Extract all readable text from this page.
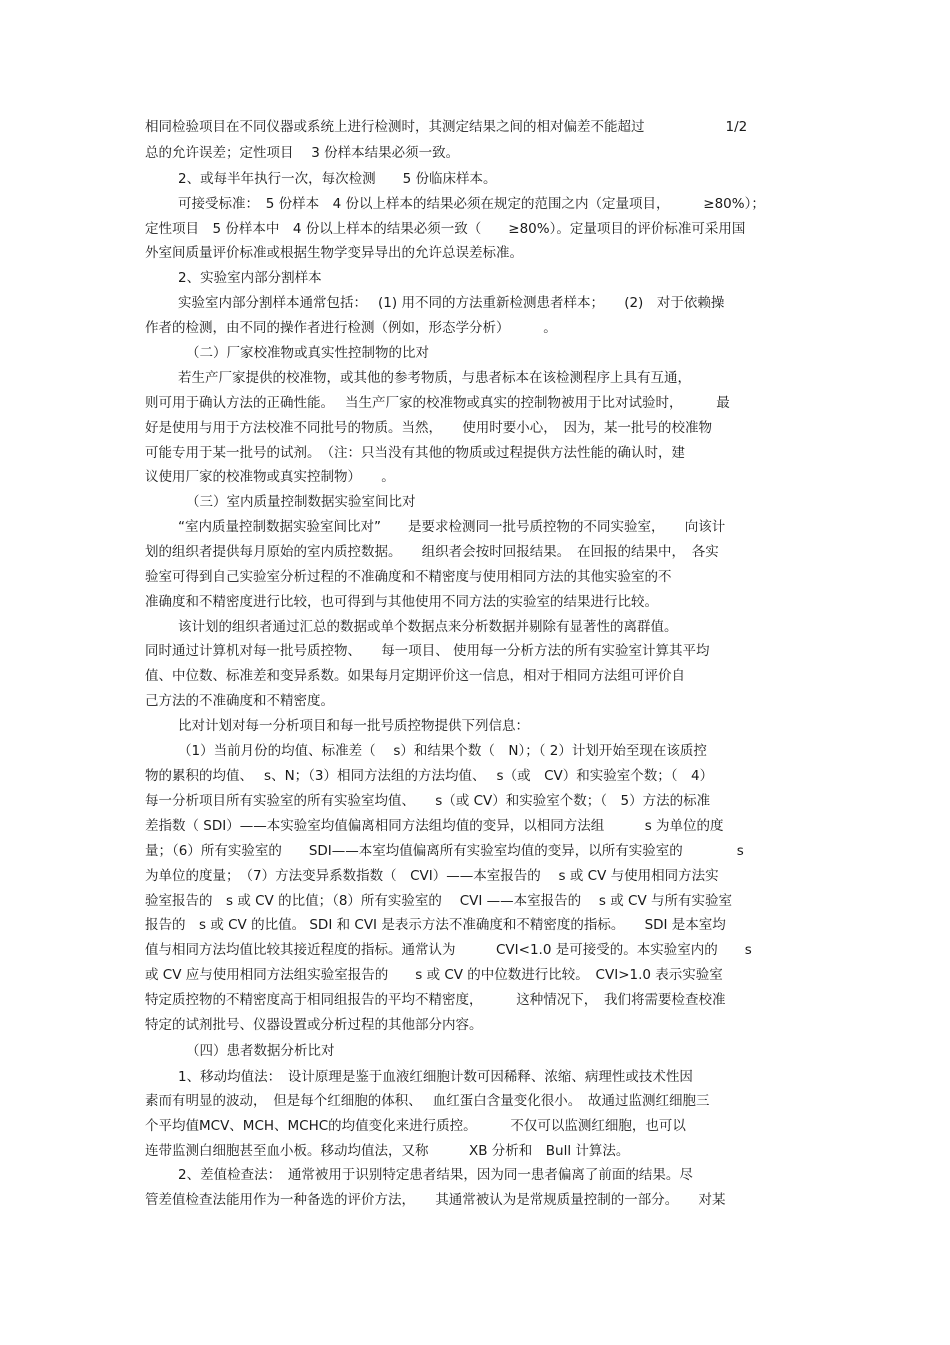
相同检验项目在不同仪器或系统上进行检测时，其测定结果之间的相对偏差不能超过　　　　　　1/2
总的允许误差；定性项目　 3 份样本结果必须一致。
2、或每半年执行一次，每次检测　　5 份临床样本。
可接受标准：　5 份样本　4 份以上样本的结果必须在规定的范围之内（定量项目，　　　≥80%）；
定性项目　5 份样本中　4 份以上样本的结果必须一致（　　≥80%）。定量项目的评价标准可采用国
外室间质量评价标准或根据生物学变异导出的允许总误差标准。
2、实验室内部分割样本
实验室内部分割样本通常包括：　 (1) 用不同的方法重新检测患者样本；　　(2)　对于依赖操
作者的检测，由不同的操作者进行检测（例如，形态学分析）　　　。
（二）厂家校准物或真实性控制物的比对
若生产厂家提供的校准物，或其他的参考物质，与患者标本在该检测程序上具有互通，
则可用于确认方法的正确性能。　 当生产厂家的校准物或真实的控制物被用于比对试验时，　　　最
好是使用与用于方法校准不同批号的物质。当然，　　使用时要小心，　因为，某一批号的校准物
可能专用于某一批号的试剂。　（注：只当没有其他的物质或过程提供方法性能的确认时，建
议使用厂家的校准物或真实控制物）　　。
（三）室内质量控制数据实验室间比对
“室内质量控制数据实验室间比对”　　是要求检测同一批号质控物的不同实验室，　　向该计
划的组织者提供每月原始的室内质控数据。　　组织者会按时回报结果。　在回报的结果中，　各实
验室可得到自己实验室分析过程的不准确度和不精密度与使用相同方法的其他实验室的不
准确度和不精密度进行比较，也可得到与其他使用不同方法的实验室的结果进行比较。
该计划的组织者通过汇总的数据或单个数据点来分析数据并剔除有显著性的离群值。
同时通过计算机对每一批号质控物、　　每一项目、 使用每一分析方法的所有实验室计算其平均
值、中位数、标准差和变异系数。如果每月定期评价这一信息，相对于相同方法组可评价自
己方法的不准确度和不精密度。
比对计划对每一分析项目和每一批号质控物提供下列信息：
（1）当前月份的均值、标准差（　 s）和结果个数（　N）；（ 2）计划开始至现在该质控
物的累积的均值、　 s、N；（3）相同方法组的方法均值、　 s（或　CV）和实验室个数；（　4）
每一分析项目所有实验室的所有实验室均值、　　s（或 CV）和实验室个数；（　5）方法的标准
差指数（ SDI）——本实验室均值偏离相同方法组均值的变异，以相同方法组　　　s 为单位的度
量；（6）所有实验室的　　SDI——本室均值偏离所有实验室均值的变异，以所有实验室的　　　　s
为单位的度量；　（7）方法变异系数指数（　CVI）——本室报告的　 s 或 CV 与使用相同方法实
验室报告的　s 或 CV 的比值；（8）所有实验室的　 CVI ——本室报告的　 s 或 CV 与所有实验室
报告的　s 或 CV 的比值。 SDI 和 CVI 是表示方法不准确度和不精密度的指标。　　SDI 是本室均
值与相同方法均值比较其接近程度的指标。通常认为　　　CVI<1.0 是可接受的。本实验室内的　　s
或 CV 应与使用相同方法组实验室报告的　　s 或 CV 的中位数进行比较。　CVI>1.0 表示实验室
特定质控物的不精密度高于相同组报告的平均不精密度，　　　这种情况下，　我们将需要检查校准
特定的试剂批号、仪器设置或分析过程的其他部分内容。
（四）患者数据分析比对
1、移动均值法：　设计原理是鉴于血液红细胞计数可因稀释、浓缩、病理性或技术性因
素而有明显的波动，　但是每个红细胞的体积、　 血红蛋白含量变化很小。　故通过监测红细胞三
个平均值MCV、MCH、MCHC的均值变化来进行质控。　　　不仅可以监测红细胞，也可以
连带监测白细胞甚至血小板。移动均值法，又称　　　XB 分析和　Bull 计算法。
2、差值检查法：　通常被用于识别特定患者结果，因为同一患者偏离了前面的结果。尽
管差值检查法能用作为一种备选的评价方法，　　其通常被认为是常规质量控制的一部分。　　对某
